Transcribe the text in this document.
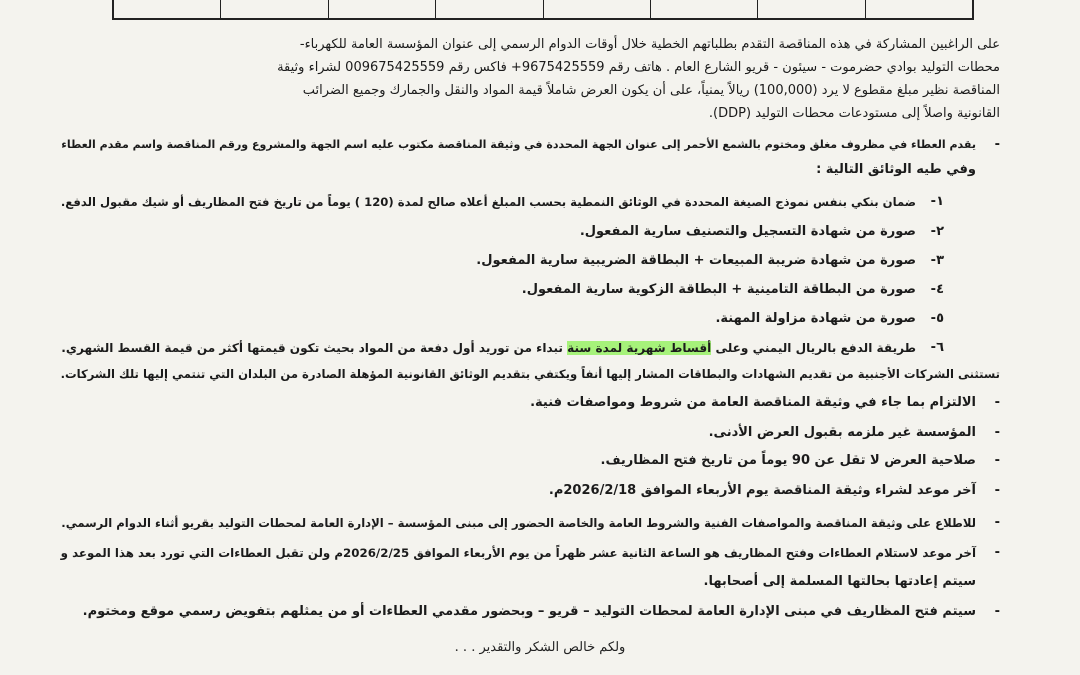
على الراغبين المشاركة في هذه المناقصة التقدم بطلباتهم الخطية خلال أوقات الدوام الرسمي إلى عنوان المؤسسة العامة للكهرباء-
محطات التوليد بوادي حضرموت - سيئون - قريو الشارع العام . هاتف رقم 9675425559+ فاكس رقم 009675425559 لشراء وثيقة
المناقصة نظير مبلغ مقطوع لا يرد (100,000) ريالاً يمنياً، على أن يكون العرض شاملاً قيمة المواد والنقل والجمارك وجميع الضرائب
القانونية واصلاً إلى مستودعات محطات التوليد (DDP).
-
يقدم العطاء في مظروف مغلق ومختوم بالشمع الأحمر إلى عنوان الجهة المحددة في وثيقة المناقصة مكتوب عليه اسم الجهة والمشروع ورقم المناقصة واسم مقدم العطاء
وفي طيه الوثائق التالية :
١-
ضمان بنكي بنفس نموذج الصيغة المحددة في الوثائق النمطية بحسب المبلغ أعلاه صالح لمدة (120 ) يوماً من تاريخ فتح المظاريف أو شيك مقبول الدفع.
٢-
صورة من شهادة التسجيل والتصنيف سارية المفعول.
٣-
صورة من شهادة ضريبة المبيعات + البطاقة الضريبية سارية المفعول.
٤-
صورة من البطاقة التامينية + البطاقة الزكوية سارية المفعول.
٥-
صورة من شهادة مزاولة المهنة.
٦-
طريقة الدفع بالريال اليمني وعلى أقساط شهرية لمدة سنة تبداء من توريد أول دفعة من المواد بحيث تكون قيمتها أكثر من قيمة القسط الشهري.
تستثنى الشركات الأجنبية من تقديم الشهادات والبطاقات المشار إليها أنفاً ويكتفي بتقديم الوثائق القانونية المؤهلة الصادرة من البلدان التي تنتمي إليها تلك الشركات.
-
الالتزام بما جاء في وثيقة المناقصة العامة من شروط ومواصفات فنية.
-
المؤسسة غير ملزمه بقبول العرض الأدنى.
-
صلاحية العرض لا تقل عن 90 يوماً من تاريخ فتح المظاريف.
-
آخر موعد لشراء وثيقة المناقصة يوم الأربعاء الموافق 2026/2/18م.
-
للاطلاع على وثيقة المناقصة والمواصفات الفنية والشروط العامة والخاصة الحضور إلى مبنى المؤسسة – الإدارة العامة لمحطات التوليد بقريو أثناء الدوام الرسمي.
-
آخر موعد لاستلام العطاءات وفتح المظاريف هو الساعة الثانية عشر ظهراً من يوم الأربعاء الموافق 2026/2/25م ولن تقبل العطاءات التي تورد بعد هذا الموعد و
سيتم إعادتها بحالتها المسلمة إلى أصحابها.
-
سيتم فتح المظاريف في مبنى الإدارة العامة لمحطات التوليد – قريو – وبحضور مقدمي العطاءات أو من يمثلهم بتفويض رسمي موقع ومختوم.
ولكم خالص الشكر والتقدير . . .
